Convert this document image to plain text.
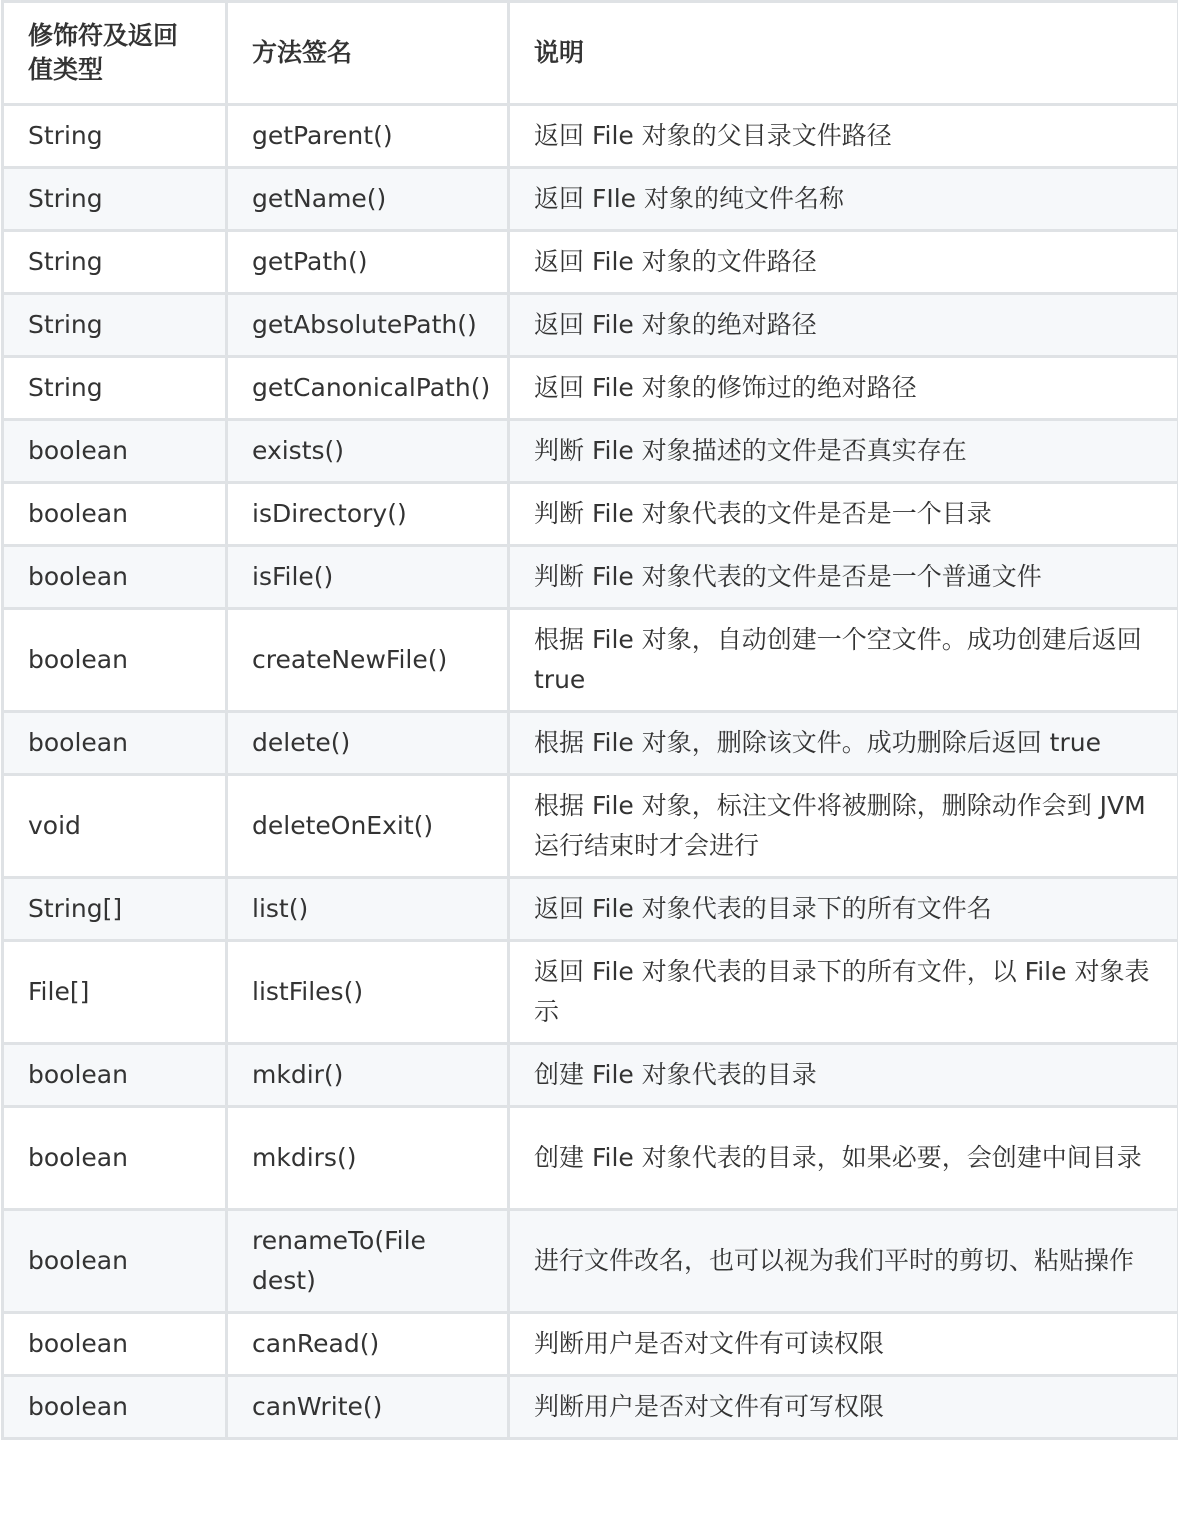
修饰符及返回值类型	方法签名	说明
String	getParent()	返回 File 对象的父目录文件路径
String	getName()	返回 FIle 对象的纯文件名称
String	getPath()	返回 File 对象的文件路径
String	getAbsolutePath()	返回 File 对象的绝对路径
String	getCanonicalPath()	返回 File 对象的修饰过的绝对路径
boolean	exists()	判断 File 对象描述的文件是否真实存在
boolean	isDirectory()	判断 File 对象代表的文件是否是一个目录
boolean	isFile()	判断 File 对象代表的文件是否是一个普通文件
boolean	createNewFile()	根据 File 对象，自动创建一个空文件。成功创建后返回 true
boolean	delete()	根据 File 对象，删除该文件。成功删除后返回 true
void	deleteOnExit()	根据 File 对象，标注文件将被删除，删除动作会到 JVM 运行结束时才会进行
String[]	list()	返回 File 对象代表的目录下的所有文件名
File[]	listFiles()	返回 File 对象代表的目录下的所有文件，以 File 对象表示
boolean	mkdir()	创建 File 对象代表的目录
boolean	mkdirs()	创建 File 对象代表的目录，如果必要，会创建中间目录
boolean	renameTo(File dest)	进行文件改名，也可以视为我们平时的剪切、粘贴操作
boolean	canRead()	判断用户是否对文件有可读权限
boolean	canWrite()	判断用户是否对文件有可写权限
